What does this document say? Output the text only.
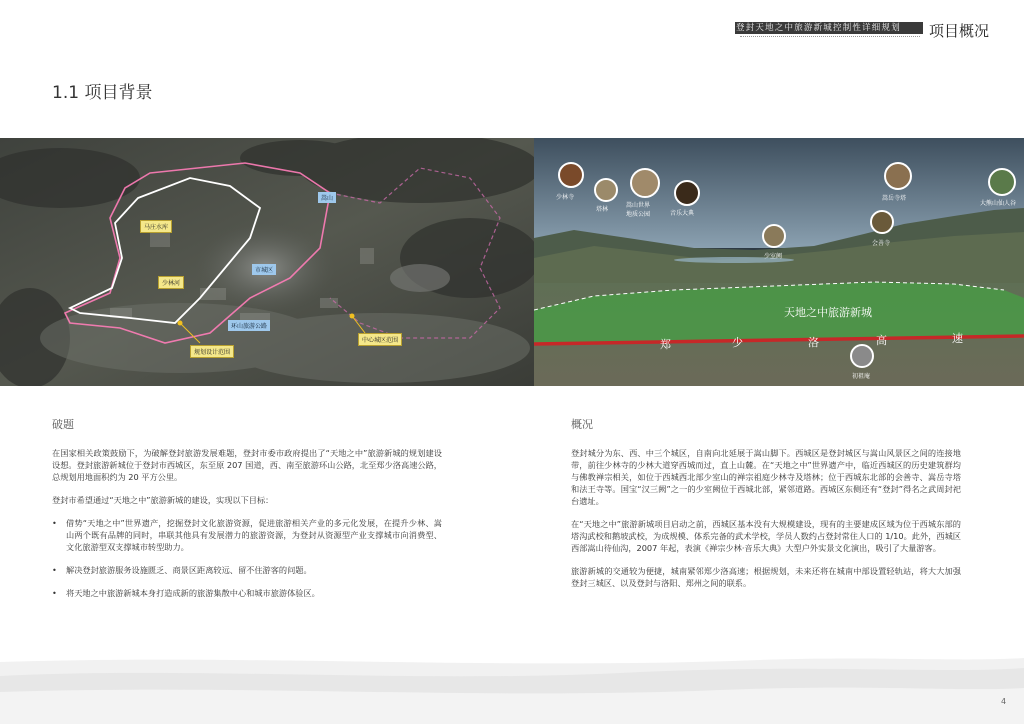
登封天地之中旅游新城控制性详细规划	项目概况
1.1 项目背景
马庄水库
少林河
嵩山
市城区
环山旅游公路
规划设计范围
中心城区范围
少林寺
塔林
嵩山世界
地质公园	音乐大典
少室阙
嵩岳寺塔
会善寺
大熊山仙人谷
初祖庵
天地之中旅游新城
郑	少	洛	高	速
破题

在国家相关政策鼓励下，为破解登封旅游发展难题，登封市委市政府提出了“天地之中”旅游新城的规划建设设想。登封旅游新城位于登封市西城区，东至原 207 国道，西、南至旅游环山公路，北至郑少洛高速公路，总规划用地面积约为 20 平方公里。

登封市希望通过“天地之中”旅游新城的建设，实现以下目标：

• 借势“天地之中”世界遗产，挖掘登封文化旅游资源，促进旅游相关产业的多元化发展，在提升少林、嵩山两个既有品牌的同时，串联其他具有发展潜力的旅游资源，为登封从资源型产业支撑城市向消费型、文化旅游型双支撑城市转型助力。
• 解决登封旅游服务设施匮乏、商景区距离较远、留不住游客的问题。
• 将天地之中旅游新城本身打造成新的旅游集散中心和城市旅游体验区。
概况

登封城分为东、西、中三个城区，自南向北延展于嵩山脚下。西城区是登封城区与嵩山风景区之间的连接地带，前往少林寺的少林大道穿西城而过，直上山麓。在“天地之中”世界遗产中，临近西城区的历史建筑群均与佛教禅宗相关，如位于西城西北部少室山的禅宗祖庭少林寺及塔林；位于西城东北部的会善寺、嵩岳寺塔和法王寺等。国宝“汉三阙”之一的少室阙位于西城北部，紧邻道路。西城区东侧还有“登封”得名之武周封祀台遗址。

在“天地之中”旅游新城项目启动之前，西城区基本没有大规模建设，现有的主要建成区域为位于西城东部的塔沟武校和鹅坡武校，为成规模、体系完备的武术学校，学员人数约占登封常住人口的 1/10。此外，西城区西部嵩山待仙沟，2007 年起，表演《禅宗少林·音乐大典》大型户外实景文化演出，吸引了大量游客。

旅游新城的交通较为便捷，城南紧邻郑少洛高速；根据规划，未来还将在城南中部设置轻轨站，将大大加强登封三城区、以及登封与洛阳、郑州之间的联系。

4
